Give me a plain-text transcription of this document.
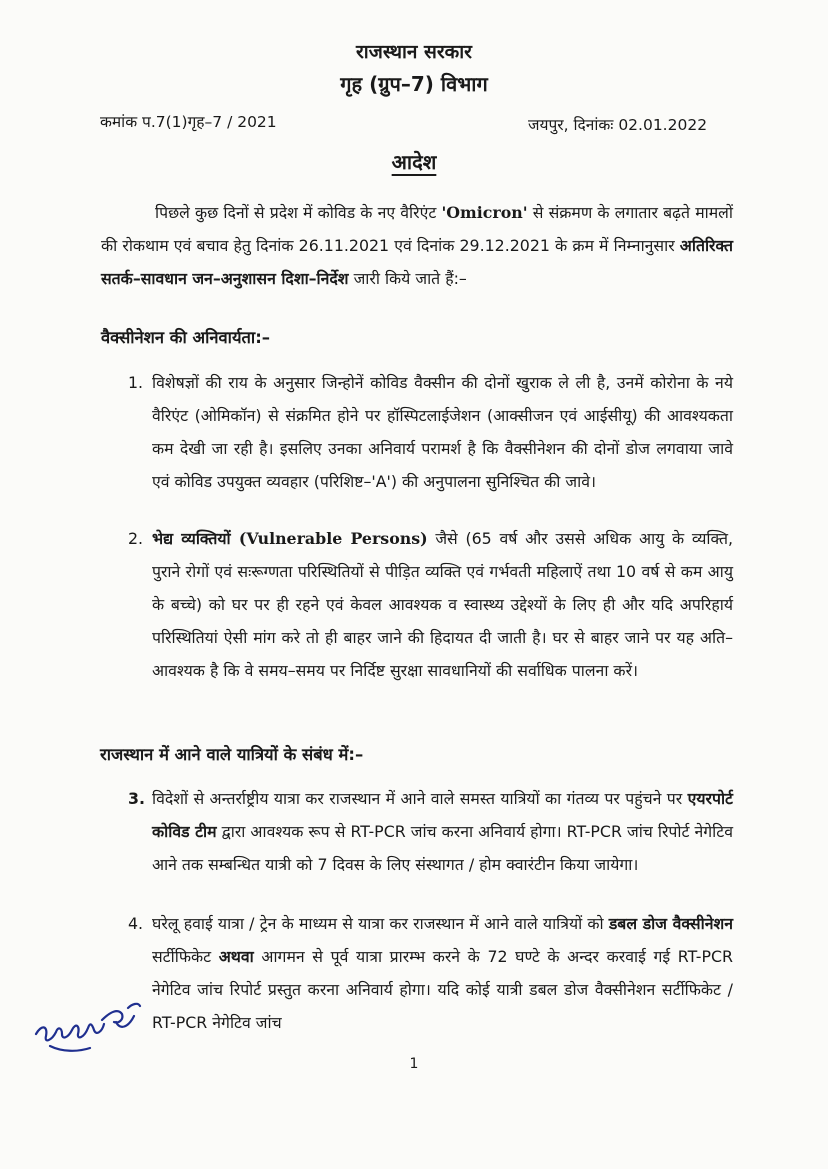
राजस्थान सरकार
गृह (ग्रुप–7) विभाग
कमांक प.7(1)गृह–7 / 2021	जयपुर, दिनांकः 02.01.2022
आदेश
पिछले कुछ दिनों से प्रदेश में कोविड के नए वैरिएंट 'Omicron' से संक्रमण के लगातार बढ़ते मामलों की रोकथाम एवं बचाव हेतु दिनांक 26.11.2021 एवं दिनांक 29.12.2021 के क्रम में निम्नानुसार अतिरिक्त सतर्क–सावधान जन–अनुशासन दिशा–निर्देश जारी किये जाते हैं:–
वैक्सीनेशन की अनिवार्यता:–
1. विशेषज्ञों की राय के अनुसार जिन्होनें कोविड वैक्सीन की दोनों खुराक ले ली है, उनमें कोरोना के नये वैरिएंट (ओमिकॉन) से संक्रमित होने पर हॉस्पिटलाईजेशन (आक्सीजन एवं आईसीयू) की आवश्यकता कम देखी जा रही है। इसलिए उनका अनिवार्य परामर्श है कि वैक्सीनेशन की दोनों डोज लगवाया जावे एवं कोविड उपयुक्त व्यवहार (परिशिष्ट–'A') की अनुपालना सुनिश्चित की जावे।
2. भेद्य व्यक्तियों (Vulnerable Persons) जैसे (65 वर्ष और उससे अधिक आयु के व्यक्ति, पुराने रोगों एवं सःरूग्णता परिस्थितियों से पीड़ित व्यक्ति एवं गर्भवती महिलाऐं तथा 10 वर्ष से कम आयु के बच्चे) को घर पर ही रहने एवं केवल आवश्यक व स्वास्थ्य उद्देश्यों के लिए ही और यदि अपरिहार्य परिस्थितियां ऐसी मांग करे तो ही बाहर जाने की हिदायत दी जाती है। घर से बाहर जाने पर यह अति–आवश्यक है कि वे समय–समय पर निर्दिष्ट सुरक्षा सावधानियों की सर्वाधिक पालना करें।
राजस्थान में आने वाले यात्रियों के संबंध में:–
3. विदेशों से अन्तर्राष्ट्रीय यात्रा कर राजस्थान में आने वाले समस्त यात्रियों का गंतव्य पर पहुंचने पर एयरपोर्ट कोविड टीम द्वारा आवश्यक रूप से RT-PCR जांच करना अनिवार्य होगा। RT-PCR जांच रिपोर्ट नेगेटिव आने तक सम्बन्धित यात्री को 7 दिवस के लिए संस्थागत / होम क्वारंटीन किया जायेगा।
4. घरेलू हवाई यात्रा / ट्रेन के माध्यम से यात्रा कर राजस्थान में आने वाले यात्रियों को डबल डोज वैक्सीनेशन सर्टीफिकेट अथवा आगमन से पूर्व यात्रा प्रारम्भ करने के 72 घण्टे के अन्दर करवाई गई RT-PCR नेगेटिव जांच रिपोर्ट प्रस्तुत करना अनिवार्य होगा। यदि कोई यात्री डबल डोज वैक्सीनेशन सर्टीफिकेट / RT-PCR नेगेटिव जांच
1
